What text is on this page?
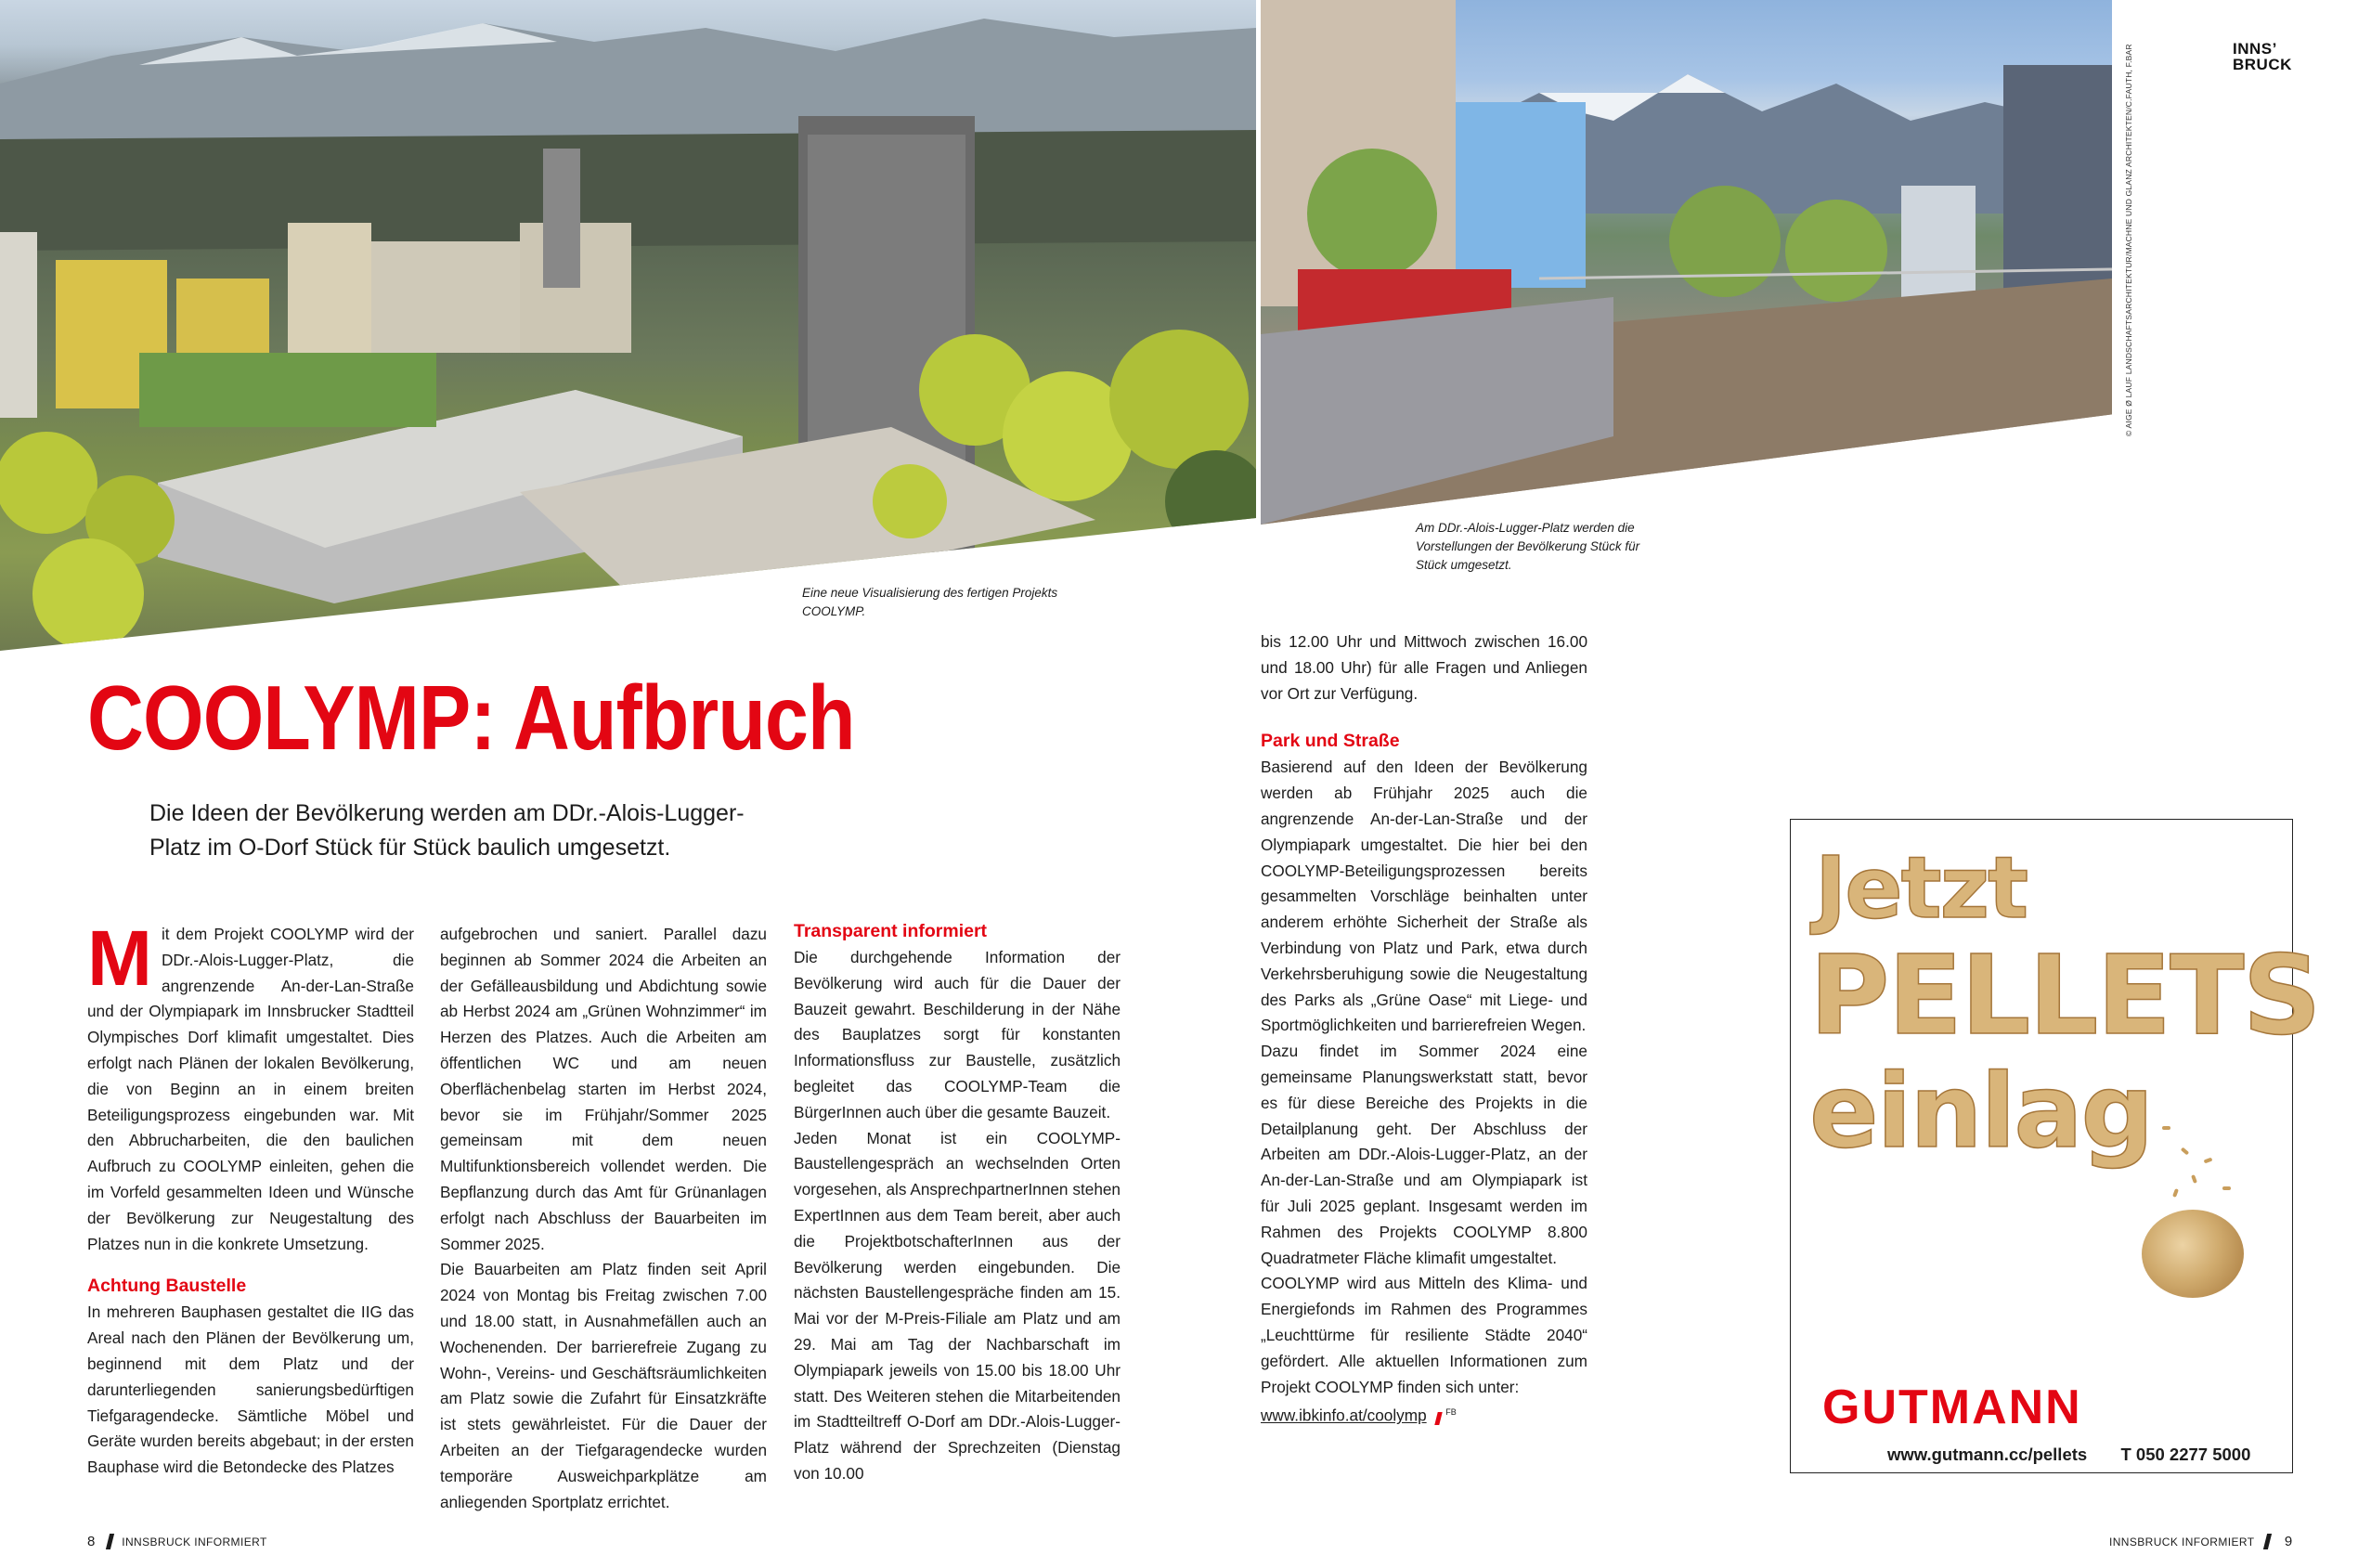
© AIGE Ø LAUF LANDSCHAFTSARCHITEKTUR/MACHNE UND GLANZ ARCHITEKTEN/C.FAUTH, F.BAR	INNS’
BRUCK
Eine neue Visualisierung des fertigen Projekts COOLYMP.
Am DDr.-Alois-Lugger-Platz werden die Vorstellungen der Bevölkerung Stück für Stück umgesetzt.
COOLYMP: Aufbruch
Die Ideen der Bevölkerung werden am DDr.-Alois-Lugger-Platz im O-Dorf Stück für Stück baulich umgesetzt.

M it dem Projekt COOLYMP wird der DDr.-Alois-Lugger-Platz, die angrenzende An-der-Lan-Straße und der Olympiapark im Innsbrucker Stadtteil Olympisches Dorf klimafit umgestaltet. Dies erfolgt nach Plänen der lokalen Bevölkerung, die von Beginn an in einem breiten Beteiligungsprozess eingebunden war. Mit den Abbrucharbeiten, die den baulichen Aufbruch zu COOLYMP einleiten, gehen die im Vorfeld gesammelten Ideen und Wünsche der Bevölkerung zur Neugestaltung des Platzes nun in die konkrete Umsetzung.

Achtung Baustelle

In mehreren Bauphasen gestaltet die IIG das Areal nach den Plänen der Bevölkerung um, beginnend mit dem Platz und der darunterliegenden sanierungsbedürftigen Tiefgaragendecke. Sämtliche Möbel und Geräte wurden bereits abgebaut; in der ersten Bauphase wird die Betondecke des Platzes

aufgebrochen und saniert. Parallel dazu beginnen ab Sommer 2024 die Arbeiten an der Gefälleausbildung und Abdichtung sowie ab Herbst 2024 am „Grünen Wohnzimmer“ im Herzen des Platzes. Auch die Arbeiten am öffentlichen WC und am neuen Oberflächenbelag starten im Herbst 2024, bevor sie im Frühjahr/Sommer 2025 gemeinsam mit dem neuen Multifunktionsbereich vollendet werden. Die Bepflanzung durch das Amt für Grünanlagen erfolgt nach Abschluss der Bauarbeiten im Sommer 2025.

Die Bauarbeiten am Platz finden seit April 2024 von Montag bis Freitag zwischen 7.00 und 18.00 statt, in Ausnahmefällen auch an Wochenenden. Der barrierefreie Zugang zu Wohn-, Vereins- und Geschäftsräumlichkeiten am Platz sowie die Zufahrt für Einsatzkräfte ist stets gewährleistet. Für die Dauer der Arbeiten an der Tiefgaragendecke wurden temporäre Ausweichparkplätze am anliegenden Sportplatz errichtet.

Transparent informiert

Die durchgehende Information der Bevölkerung wird auch für die Dauer der Bauzeit gewahrt. Beschilderung in der Nähe des Bauplatzes sorgt für konstanten Informationsfluss zur Baustelle, zusätzlich begleitet das COOLYMP-Team die BürgerInnen auch über die gesamte Bauzeit.

Jeden Monat ist ein COOLYMP-Baustellengespräch an wechselnden Orten vorgesehen, als AnsprechpartnerInnen stehen ExpertInnen aus dem Team bereit, aber auch die ProjektbotschafterInnen aus der Bevölkerung werden eingebunden. Die nächsten Baustellengespräche finden am 15. Mai vor der M-Preis-Filiale am Platz und am 29. Mai am Tag der Nachbarschaft im Olympiapark jeweils von 15.00 bis 18.00 Uhr statt. Des Weiteren stehen die Mitarbeitenden im Stadtteiltreff O-Dorf am DDr.-Alois-Lugger-Platz während der Sprechzeiten (Dienstag von 10.00

bis 12.00 Uhr und Mittwoch zwischen 16.00 und 18.00 Uhr) für alle Fragen und Anliegen vor Ort zur Verfügung.

Park und Straße

Basierend auf den Ideen der Bevölkerung werden ab Frühjahr 2025 auch die angrenzende An-der-Lan-Straße und der Olympiapark umgestaltet. Die hier bei den COOLYMP-Beteiligungsprozessen bereits gesammelten Vorschläge beinhalten unter anderem erhöhte Sicherheit der Straße als Verbindung von Platz und Park, etwa durch Verkehrsberuhigung sowie die Neugestaltung des Parks als „Grüne Oase“ mit Liege- und Sportmöglichkeiten und barrierefreien Wegen.

Dazu findet im Sommer 2024 eine gemeinsame Planungswerkstatt statt, bevor es für diese Bereiche des Projekts in die Detailplanung geht. Der Abschluss der Arbeiten am DDr.-Alois-Lugger-Platz, an der An-der-Lan-Straße und am Olympiapark ist für Juli 2025 geplant. Insgesamt werden im Rahmen des Projekts COOLYMP 8.800 Quadratmeter Fläche klimafit umgestaltet.

COOLYMP wird aus Mitteln des Klima- und Energiefonds im Rahmen des Programmes „Leuchttürme für resiliente Städte 2040“ gefördert. Alle aktuellen Informationen zum Projekt COOLYMP finden sich unter:

www.ibkinfo.at/coolymp $^{FB}$

Jetzt
PELLETS
einlag
GUTMANN
www.gutmann.cc/pellets T 050 2277 5000
8 INNSBRUCK INFORMIERT	INNSBRUCK INFORMIERT 9
